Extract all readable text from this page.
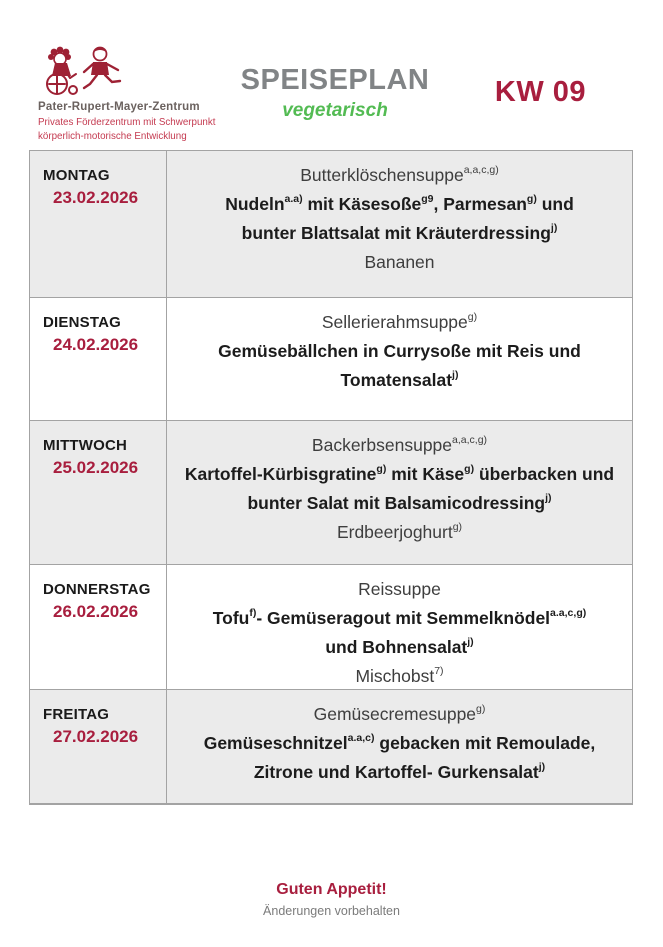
Pater-Rupert-Mayer-Zentrum
Privates Förderzentrum mit Schwerpunkt
körperlich-motorische Entwicklung
SPEISEPLAN
vegetarisch
KW 09
MONTAG
23.02.2026
Butterklöschensuppe$^{a,a,c,g)}$
Nudeln$^{a.a)}$ mit Käsesoße$^{g9}$, Parmesan$^{g)}$ und
bunter Blattsalat mit Kräuterdressing$^{j)}$
Bananen
DIENSTAG
24.02.2026
Sellerierahmsuppe$^{g)}$
Gemüsebällchen in Currysoße mit Reis und
Tomatensalat$^{j)}$
MITTWOCH
25.02.2026
Backerbsensuppe$^{a,a,c,g)}$
Kartoffel-Kürbisgratine$^{g)}$ mit Käse$^{g)}$ überbacken und
bunter Salat mit Balsamicodressing$^{j)}$
Erdbeerjoghurt$^{g)}$
DONNERSTAG
26.02.2026
Reissuppe
Tofu$^{f)}$- Gemüseragout mit Semmelknödel$^{a.a,c,g)}$
und Bohnensalat$^{j)}$
Mischobst$^{7)}$
FREITAG
27.02.2026
Gemüsecremesuppe$^{g)}$
Gemüseschnitzel$^{a.a,c)}$ gebacken mit Remoulade,
Zitrone und Kartoffel- Gurkensalat$^{j)}$
Guten Appetit!
Änderungen vorbehalten
